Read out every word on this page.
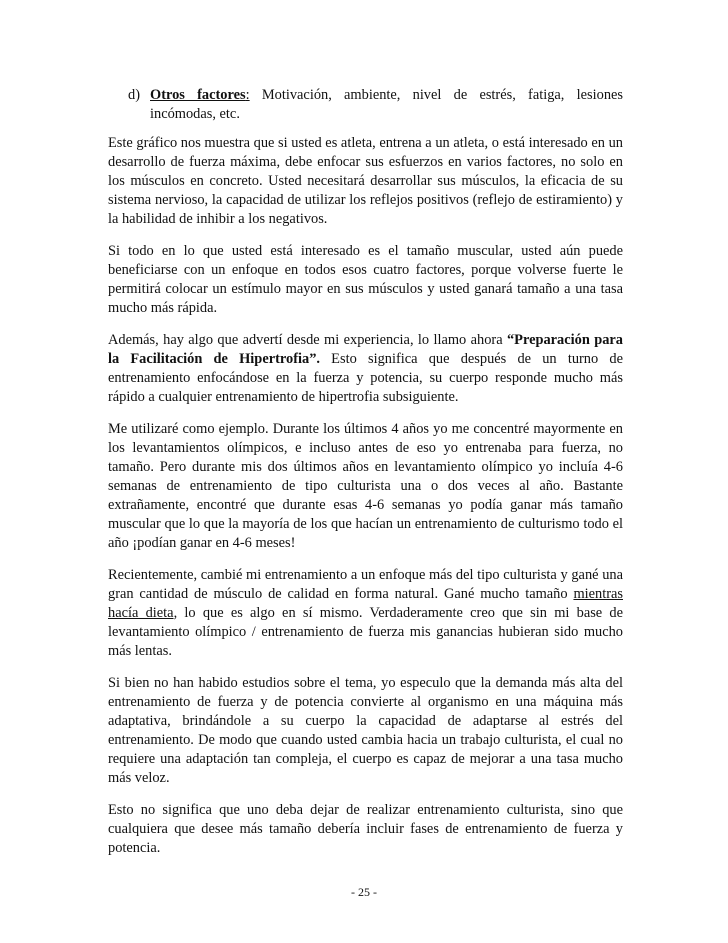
d) Otros factores: Motivación, ambiente, nivel de estrés, fatiga, lesiones incómodas, etc.

Este gráfico nos muestra que si usted es atleta, entrena a un atleta, o está interesado en un desarrollo de fuerza máxima, debe enfocar sus esfuerzos en varios factores, no solo en los músculos en concreto. Usted necesitará desarrollar sus músculos, la eficacia de su sistema nervioso, la capacidad de utilizar los reflejos positivos (reflejo de estiramiento) y la habilidad de inhibir a los negativos.

Si todo en lo que usted está interesado es el tamaño muscular, usted aún puede beneficiarse con un enfoque en todos esos cuatro factores, porque volverse fuerte le permitirá colocar un estímulo mayor en sus músculos y usted ganará tamaño a una tasa mucho más rápida.

Además, hay algo que advertí desde mi experiencia, lo llamo ahora “Preparación para la Facilitación de Hipertrofia”. Esto significa que después de un turno de entrenamiento enfocándose en la fuerza y potencia, su cuerpo responde mucho más rápido a cualquier entrenamiento de hipertrofia subsiguiente.

Me utilizaré como ejemplo. Durante los últimos 4 años yo me concentré mayormente en los levantamientos olímpicos, e incluso antes de eso yo entrenaba para fuerza, no tamaño. Pero durante mis dos últimos años en levantamiento olímpico yo incluía 4-6 semanas de entrenamiento de tipo culturista una o dos veces al año. Bastante extrañamente, encontré que durante esas 4-6 semanas yo podía ganar más tamaño muscular que lo que la mayoría de los que hacían un entrenamiento de culturismo todo el año ¡podían ganar en 4-6 meses!

Recientemente, cambié mi entrenamiento a un enfoque más del tipo culturista y gané una gran cantidad de músculo de calidad en forma natural. Gané mucho tamaño mientras hacía dieta, lo que es algo en sí mismo. Verdaderamente creo que sin mi base de levantamiento olímpico / entrenamiento de fuerza mis ganancias hubieran sido mucho más lentas.

Si bien no han habido estudios sobre el tema, yo especulo que la demanda más alta del entrenamiento de fuerza y de potencia convierte al organismo en una máquina más adaptativa, brindándole a su cuerpo la capacidad de adaptarse al estrés del entrenamiento. De modo que cuando usted cambia hacia un trabajo culturista, el cual no requiere una adaptación tan compleja, el cuerpo es capaz de mejorar a una tasa mucho más veloz.

Esto no significa que uno deba dejar de realizar entrenamiento culturista, sino que cualquiera que desee más tamaño debería incluir fases de entrenamiento de fuerza y potencia.

- 25 -
